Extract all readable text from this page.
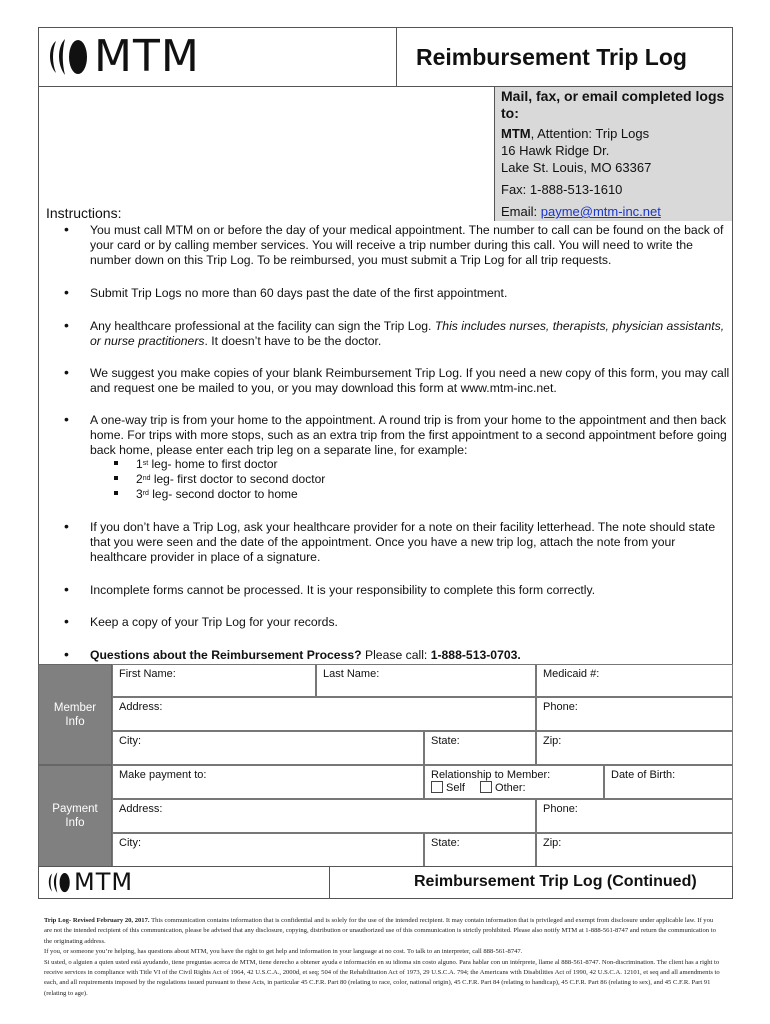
MTM	Reimbursement Trip Log
Mail, fax, or email completed logs to:
MTM, Attention: Trip Logs
16 Hawk Ridge Dr.
Lake St. Louis, MO 63367
Fax: 1-888-513-1610
Email: payme@mtm-inc.net
Instructions:
• You must call MTM on or before the day of your medical appointment. The number to call can be found on the back of your card or by calling member services. You will receive a trip number during this call. You will need to write the number down on this Trip Log. To be reimbursed, you must submit a Trip Log for all trip requests.
• Submit Trip Logs no more than 60 days past the date of the first appointment.
• Any healthcare professional at the facility can sign the Trip Log. This includes nurses, therapists, physician assistants, or nurse practitioners. It doesn’t have to be the doctor.
• We suggest you make copies of your blank Reimbursement Trip Log. If you need a new copy of this form, you may call and request one be mailed to you, or you may download this form at www.mtm-inc.net.
• A one-way trip is from your home to the appointment. A round trip is from your home to the appointment and then back home. For trips with more stops, such as an extra trip from the first appointment to a second appointment before going back home, please enter each trip leg on a separate line, for example:
1st leg- home to first doctor
2nd leg- first doctor to second doctor
3rd leg- second doctor to home
• If you don’t have a Trip Log, ask your healthcare provider for a note on their facility letterhead. The note should state that you were seen and the date of the appointment. Once you have a new trip log, attach the note from your healthcare provider in place of a signature.
• Incomplete forms cannot be processed. It is your responsibility to complete this form correctly.
• Keep a copy of your Trip Log for your records.
• Questions about the Reimbursement Process? Please call: 1-888-513-0703.
Member
Info
First Name:	Last Name:	Medicaid #:
Address:	Phone:
City:	State:	Zip:
Payment
Info
Make payment to:	Relationship to Member:
Self	Other:
Date of Birth:
Address:	Phone:
City:	State:	Zip:
MTM	Reimbursement Trip Log (Continued)
Trip Log- Revised February 20, 2017. This communication contains information that is confidential and is solely for the use of the intended recipient. It may contain information that is privileged and exempt from disclosure under applicable law. If you are not the intended recipient of this communication, please be advised that any disclosure, copying, distribution or unauthorized use of this communication is strictly prohibited. Please also notify MTM at 1-888-561-8747 and return the communication to the originating address.
If you, or someone you’re helping, has questions about MTM, you have the right to get help and information in your language at no cost. To talk to an interpreter, call 888-561-8747.
Si usted, o alguien a quien usted está ayudando, tiene preguntas acerca de MTM, tiene derecho a obtener ayuda e información en su idioma sin costo alguno. Para hablar con un intérprete, llame al 888-561-8747. Non-discrimination. The client has a right to receive services in compliance with Title VI of the Civil Rights Act of 1964, 42 U.S.C.A., 2000d, et seq; 504 of the Rehabilitation Act of 1973, 29 U.S.C.A. 794; the Americans with Disabilities Act of 1990, 42 U.S.C.A. 12101, et seq and all amendments to each, and all requirements imposed by the regulations issued pursuant to these Acts, in particular 45 C.F.R. Part 80 (relating to race, color, national origin), 45 C.F.R. Part 84 (relating to handicap), 45 C.F.R. Part 86 (relating to sex), and 45 C.F.R. Part 91 (relating to age).
